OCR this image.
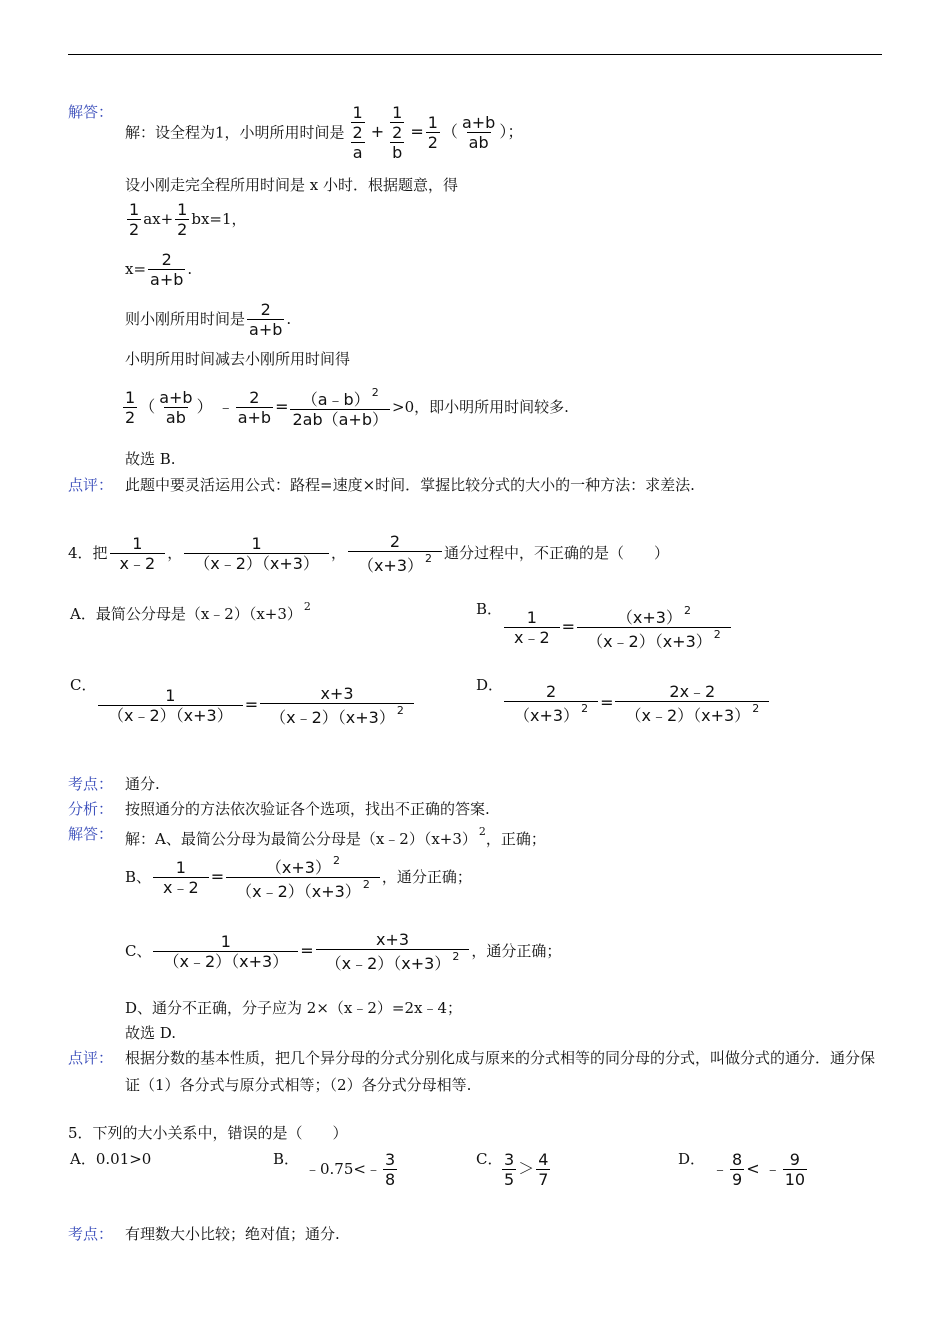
解答：
解：设全程为1，小明所用时间是 $\frac{\frac{1}{2}}{a} + \frac{\frac{1}{2}}{b} = \frac{1}{2}$ （ $\frac{a+b}{ab}$ ）；
设小刚走完全程所用时间是 x 小时．根据题意，得
$\frac{1}{2} ax+ \frac{1}{2} bx=1$，
$x= \frac{2}{a+b}$ .
则小刚所用时间是 $\frac{2}{a+b}$ .
小明所用时间减去小刚所用时间得
$\frac{1}{2}$ （ $\frac{a+b}{ab}$ ） ﹣ $\frac{2}{a+b} = \frac{(a﹣b) ^2}{2ab(a+b)} >0$，即小明所用时间较多.
故选 B.
点评： 此题中要灵活运用公式：路程=速度×时间．掌握比较分式的大小的一种方法：求差法.
4．把 $\frac{1}{x﹣2}$ ， $\frac{1}{(x﹣2)(x+3)}$ ， $\frac{2}{(x+3) ^2}$ 通分过程中，不正确的是（　　）
A．最简公分母是（x﹣2）（x+3） $^2$	B． $\frac{1}{x﹣2} = \frac{(x+3) ^2}{(x﹣2)(x+3) ^2}$
C．
$\frac{1}{(x﹣2)(x+3)} = \frac{x+3}{(x﹣2)(x+3) ^2}$	D． $\frac{2}{(x+3) ^2} = \frac{2x﹣2}{(x﹣2)(x+3) ^2}$
考点： 通分.
分析： 按照通分的方法依次验证各个选项，找出不正确的答案.
解答： 解：A、最简公分母为最简公分母是（x﹣2）（x+3） $^2$，正确；
B、 $\frac{1}{x﹣2} = \frac{(x+3) ^2}{(x﹣2)(x+3) ^2}$ ，通分正确；
C、 $\frac{1}{(x﹣2)(x+3)} = \frac{x+3}{(x﹣2)(x+3) ^2}$ ，通分正确；
D、通分不正确，分子应为 2×（x﹣2）=2x﹣4；
故选 D.
点评： 根据分数的基本性质，把几个异分母的分式分别化成与原来的分式相等的同分母的分式，叫做分式的通分．通分保证（1）各分式与原分式相等；（2）各分式分母相等.
5．下列的大小关系中，错误的是（　　）
A．0.01>0	B．
﹣0.75<﹣ $\frac{3}{8}$	C． $\frac{3}{5} > \frac{4}{7}$	D．
﹣ $\frac{8}{9}$ < ﹣ $\frac{9}{10}$
考点： 有理数大小比较；绝对值；通分.
